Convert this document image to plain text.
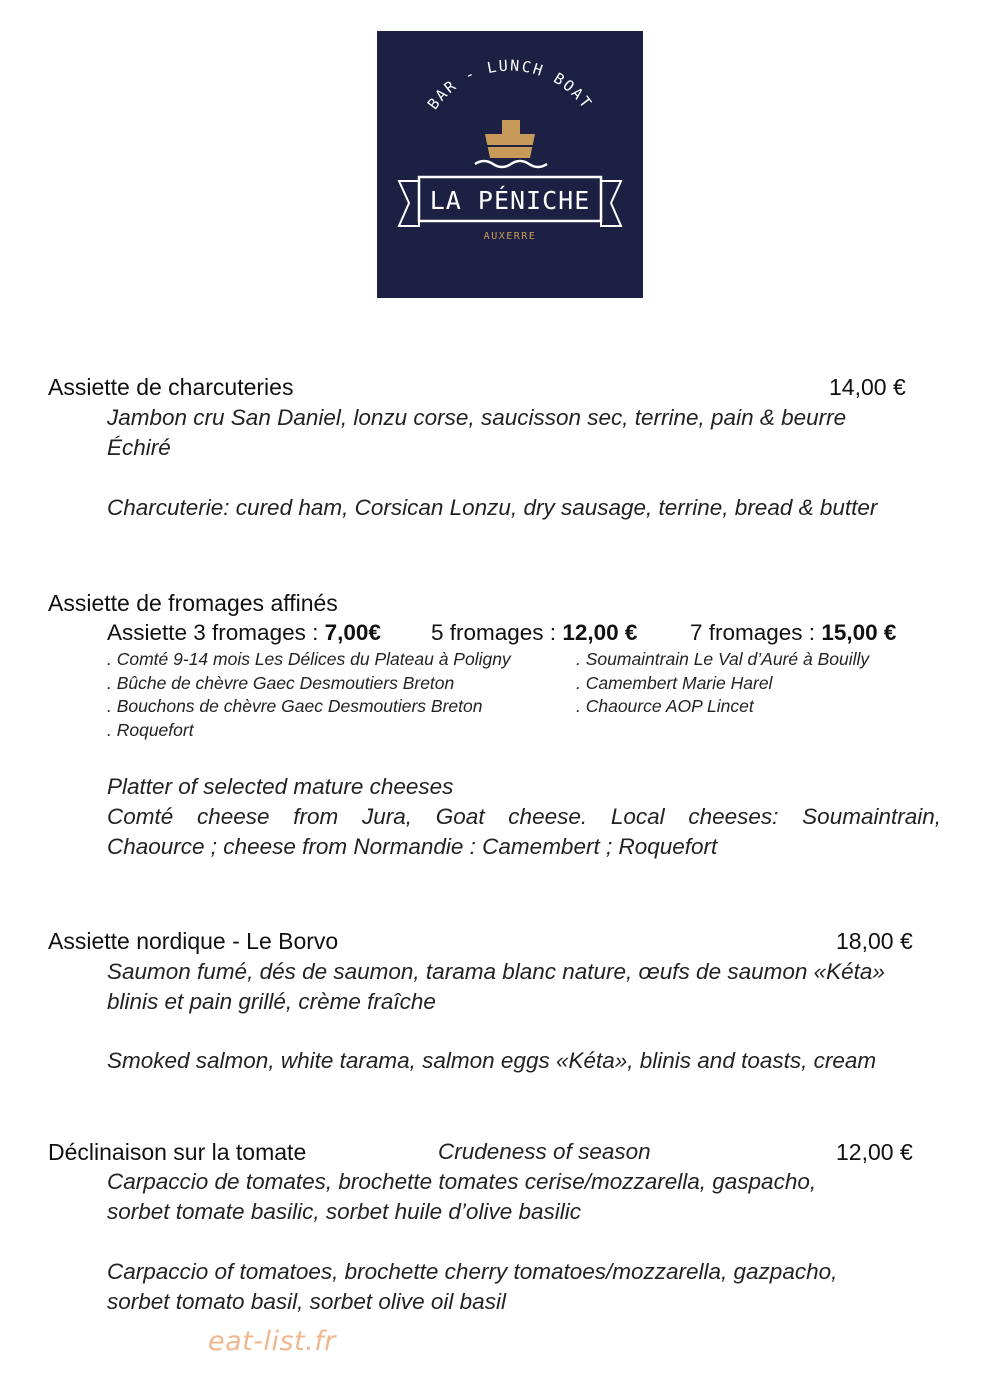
BAR - LUNCH BOAT
LA PÉNICHE
AUXERRE
Assiette de charcuteries	14,00 €
Jambon cru San Daniel, lonzu corse, saucisson sec, terrine, pain & beurre
Échiré
Charcuterie: cured ham, Corsican Lonzu, dry sausage, terrine, bread & butter
Assiette de fromages affinés
Assiette 3 fromages : 7,00€ 5 fromages : 12,00 € 7 fromages : 15,00 €
. Comté 9-14 mois Les Délices du Plateau à Poligny
. Bûche de chèvre Gaec Desmoutiers Breton
. Bouchons de chèvre Gaec Desmoutiers Breton
. Roquefort
. Soumaintrain Le Val d’Auré à Bouilly
. Camembert Marie Harel
. Chaource AOP Lincet
Platter of selected mature cheeses
Comté cheese from Jura, Goat cheese. Local cheeses: Soumaintrain,
Chaource ; cheese from Normandie : Camembert ; Roquefort
Assiette nordique - Le Borvo	18,00 €
Saumon fumé, dés de saumon, tarama blanc nature, œufs de saumon «Kéta»
blinis et pain grillé, crème fraîche
Smoked salmon, white tarama, salmon eggs «Kéta», blinis and toasts, cream
Déclinaison sur la tomate	Crudeness of season	12,00 €
Carpaccio de tomates, brochette tomates cerise/mozzarella, gaspacho,
sorbet tomate basilic, sorbet huile d’olive basilic
Carpaccio of tomatoes, brochette cherry tomatoes/mozzarella, gazpacho,
sorbet tomato basil, sorbet olive oil basil
eat-list.fr
